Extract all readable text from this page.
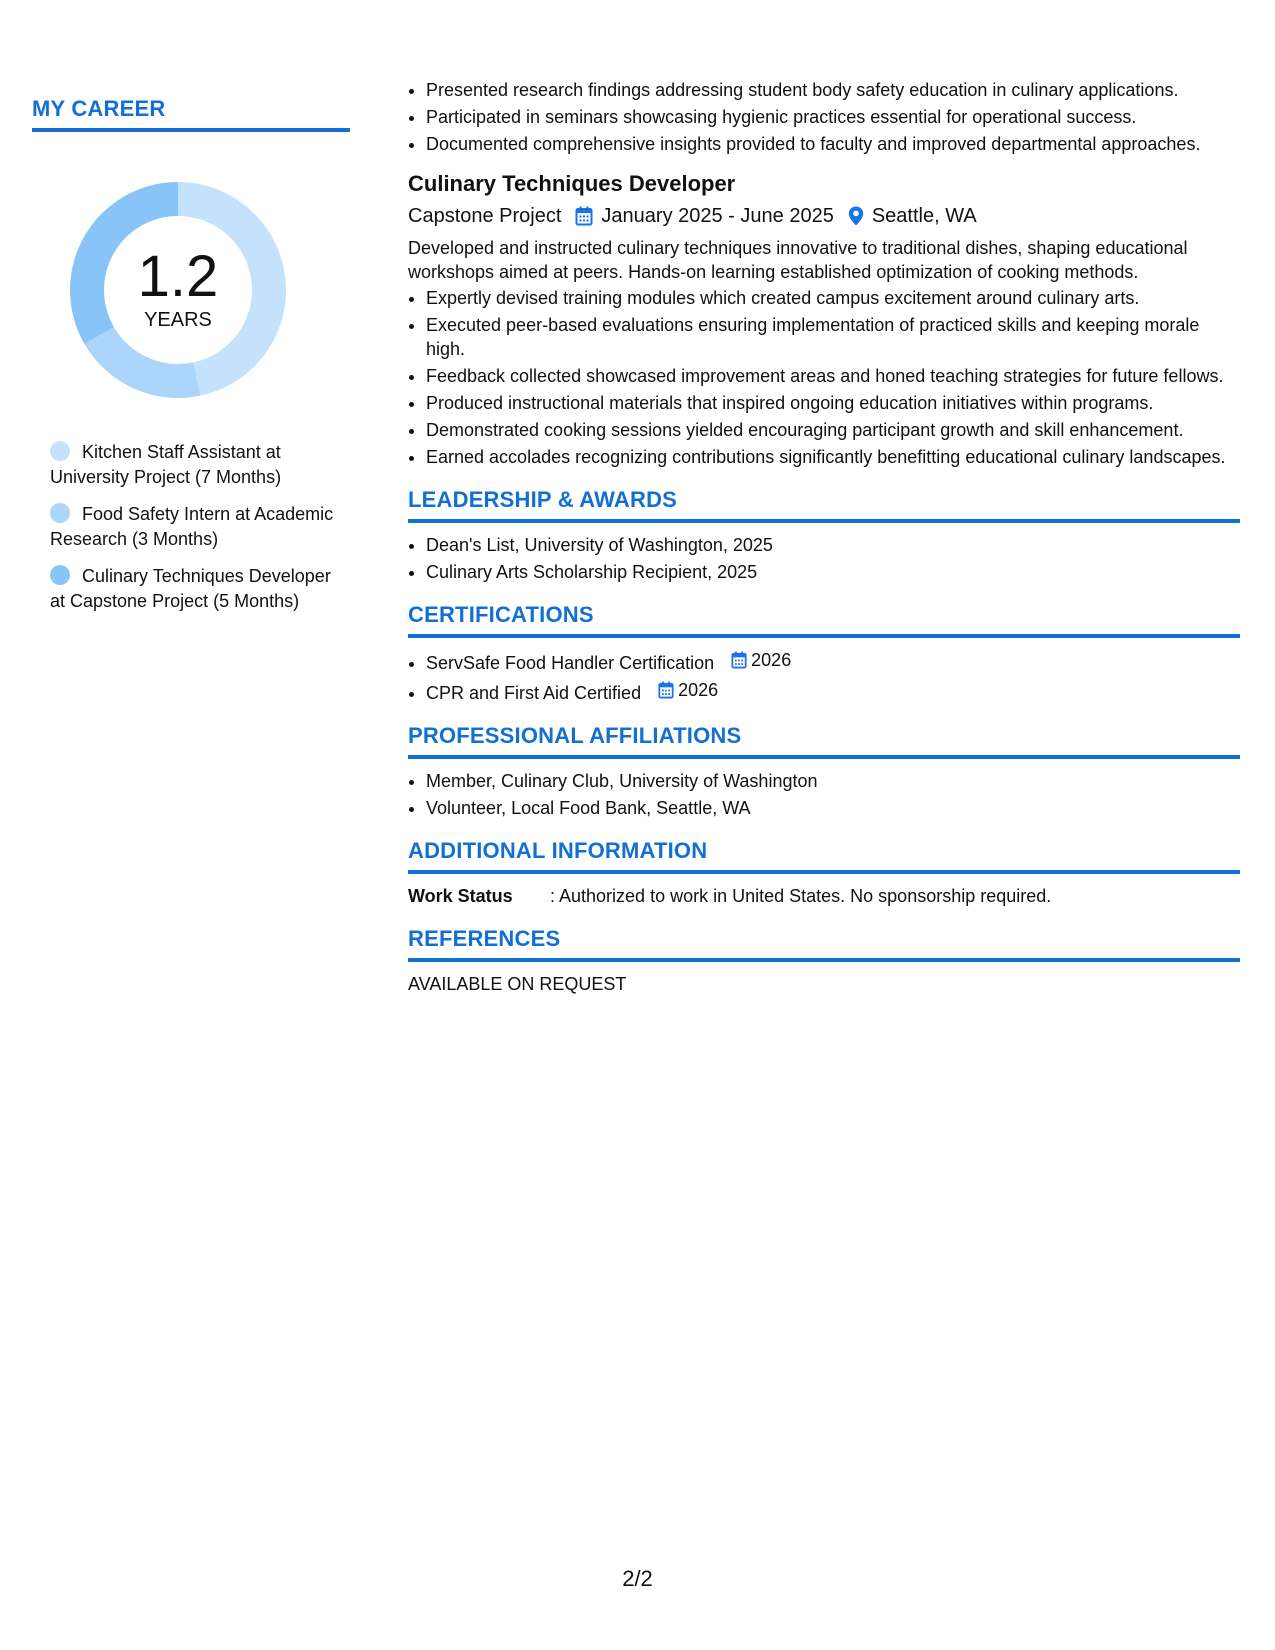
MY CAREER
1.2
YEARS
Kitchen Staff Assistant at University Project (7 Months)
Food Safety Intern at Academic Research (3 Months)
Culinary Techniques Developer at Capstone Project (5 Months)
• Presented research findings addressing student body safety education in culinary applications.
• Participated in seminars showcasing hygienic practices essential for operational success.
• Documented comprehensive insights provided to faculty and improved departmental approaches.
Culinary Techniques Developer
Capstone Project January 2025 - June 2025 Seattle, WA
Developed and instructed culinary techniques innovative to traditional dishes, shaping educational workshops aimed at peers. Hands-on learning established optimization of cooking methods.
• Expertly devised training modules which created campus excitement around culinary arts.
• Executed peer-based evaluations ensuring implementation of practiced skills and keeping morale high.
• Feedback collected showcased improvement areas and honed teaching strategies for future fellows.
• Produced instructional materials that inspired ongoing education initiatives within programs.
• Demonstrated cooking sessions yielded encouraging participant growth and skill enhancement.
• Earned accolades recognizing contributions significantly benefitting educational culinary landscapes.
LEADERSHIP & AWARDS
• Dean's List, University of Washington, 2025
• Culinary Arts Scholarship Recipient, 2025
CERTIFICATIONS
• ServSafe Food Handler Certification 2026
• CPR and First Aid Certified 2026
PROFESSIONAL AFFILIATIONS
• Member, Culinary Club, University of Washington
• Volunteer, Local Food Bank, Seattle, WA
ADDITIONAL INFORMATION
Work Status	: Authorized to work in United States. No sponsorship required.
REFERENCES
AVAILABLE ON REQUEST
2/2
